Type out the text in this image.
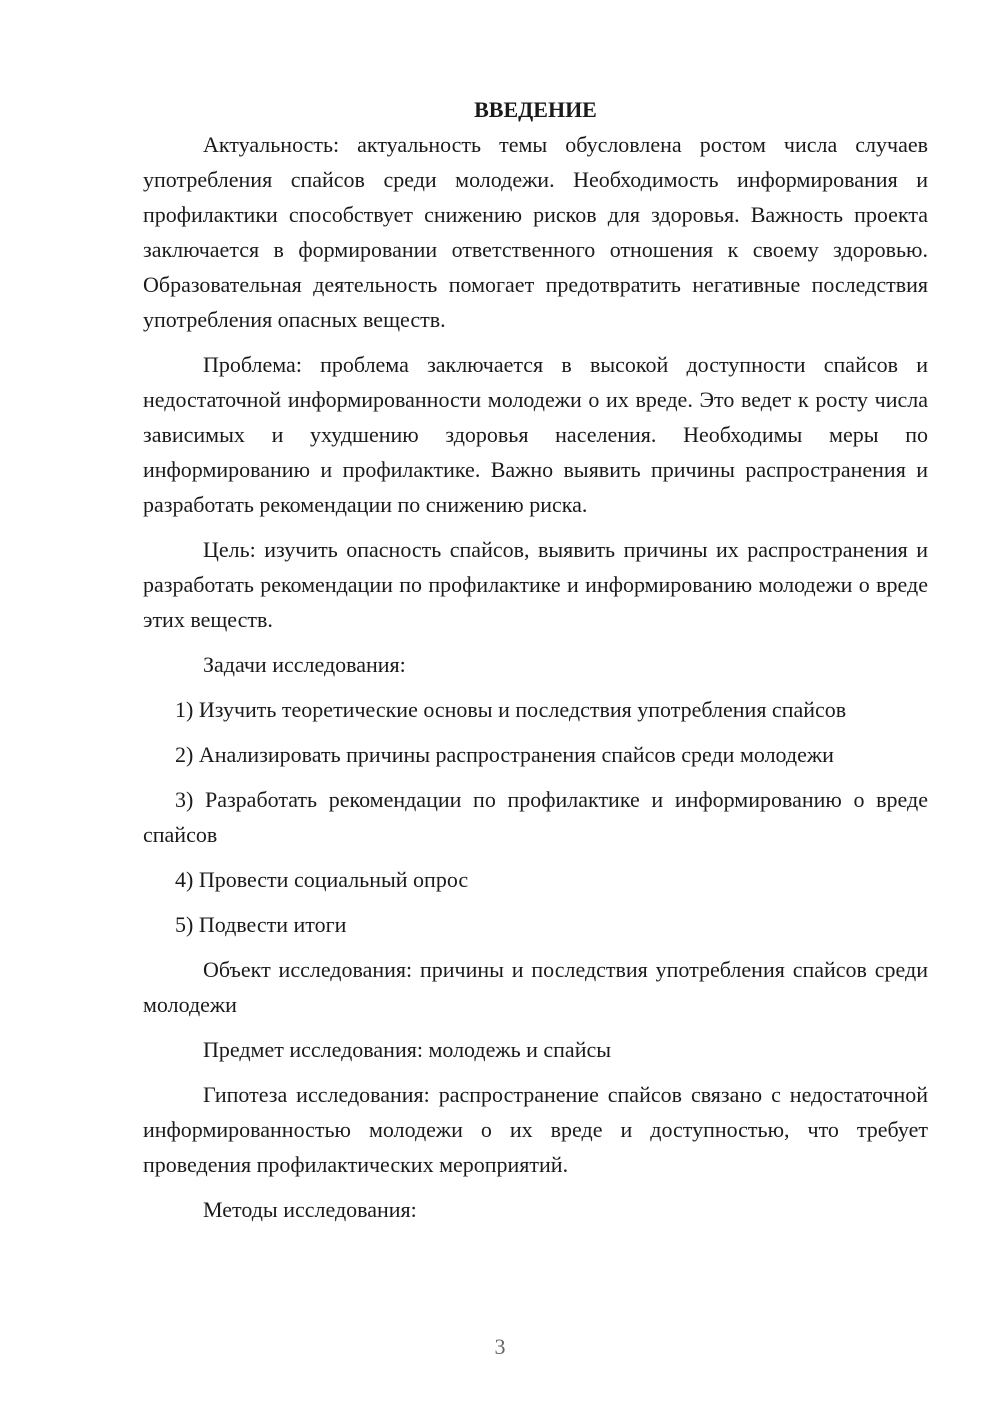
ВВЕДЕНИЕ

Актуальность: актуальность темы обусловлена ростом числа случаев употребления спайсов среди молодежи. Необходимость информирования и профилактики способствует снижению рисков для здоровья. Важность проекта заключается в формировании ответственного отношения к своему здоровью. Образовательная деятельность помогает предотвратить негативные последствия употребления опасных веществ.

Проблема: проблема заключается в высокой доступности спайсов и недостаточной информированности молодежи о их вреде. Это ведет к росту числа зависимых и ухудшению здоровья населения. Необходимы меры по информированию и профилактике. Важно выявить причины распространения и разработать рекомендации по снижению риска.

Цель: изучить опасность спайсов, выявить причины их распространения и разработать рекомендации по профилактике и информированию молодежи о вреде этих веществ.

Задачи исследования:

1) Изучить теоретические основы и последствия употребления спайсов

2) Анализировать причины распространения спайсов среди молодежи

3) Разработать рекомендации по профилактике и информированию о вреде спайсов

4) Провести социальный опрос

5) Подвести итоги

Объект исследования: причины и последствия употребления спайсов среди молодежи

Предмет исследования: молодежь и спайсы

Гипотеза исследования: распространение спайсов связано с недостаточной информированностью молодежи о их вреде и доступностью, что требует проведения профилактических мероприятий.

Методы исследования:

3
